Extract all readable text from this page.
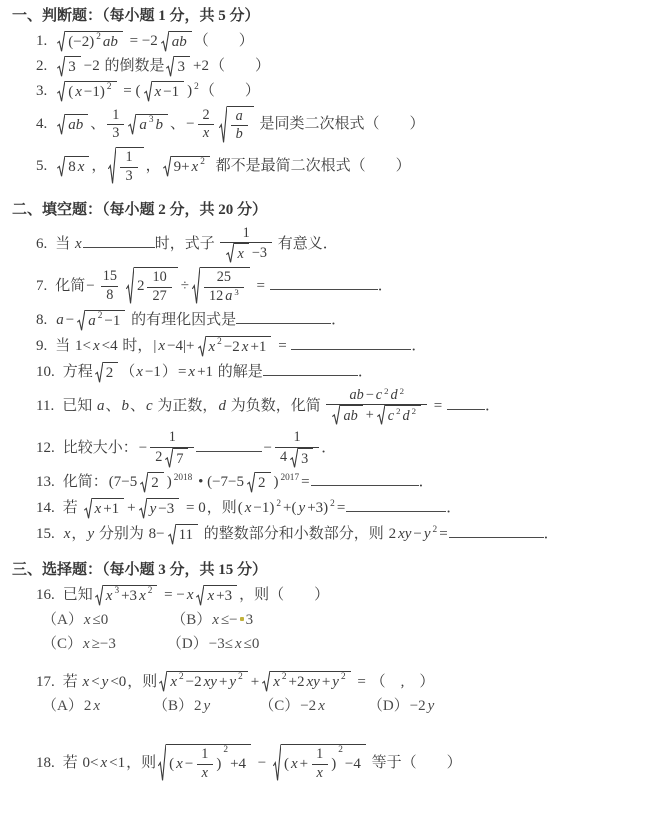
一、判断题：（每小题 1 分，共 5 分）
1. (−2) 2 ab = −2 ab （　　）
2. 3 −2 的倒数是 3 +2（　　）
3. ( x −1) 2 = ( x −1 ) $^2$（　　）
4. ab 、 $\frac{1}{3}$ a 3 b 、− $\frac{2}{x} \frac{a}{b}$ 是同类二次根式（　　）
5. 8 x ， $\frac{1}{3}$ ， 9+ x 2 都不是最简二次根式（　　）
二、填空题：（每小题 2 分，共 20 分）
6. 当 x	时，式子 $\frac{1}{x -3}$ 有意义．
7. 化简− $\frac{15}{8} 2 \frac{10}{27} \div \frac{25}{12 a 3}$ =	．
8. a − a 2 −1 的有理化因式是	．
9. 当 1< x <4 时，| x −4|+ x 2 −2 x +1 =	．
10. 方程 2 （x −1）= x +1 的解是	．
11. 已知 a、b、c 为正数，d 为负数，化简 $\frac{ab - c 2 d 2}{ab + c 2 d 2}$ =	．
12. 比较大小：− $\frac{1}{2 7}$	− $\frac{1}{4 3}$ ．
13. 化简：(7−5 2 ) $^{2018}$ • (−7−5 2 ) $^{2017}$ =	．
14. 若 x +1 + y −3 = 0，则( x −1) $^2$ +( y +3) $^2$ =	．
15. x，y 分别为 8− 11 的整数部分和小数部分，则 2 xy − y $^2$ =	．
三、选择题：（每小题 3 分，共 15 分）
16. 已知 x 3 +3 x 2 = − x x +3 ，则（　　）
（A）x ≤0	（B）x ≤− 3
（C）x ≥−3	（D）−3≤ x ≤0
17. 若 x < y <0，则 x 2 −2 xy + y 2 + x 2 +2 xy + y 2 = （　,　）
（A）2 x	（B）2 y	（C）−2 x	（D）−2 y
18. 若 0< x <1，则 ( $x - \frac{1}{x}$ )
2
+4 − ( $x + \frac{1}{x}$ )
2
−4 等于（　　）
